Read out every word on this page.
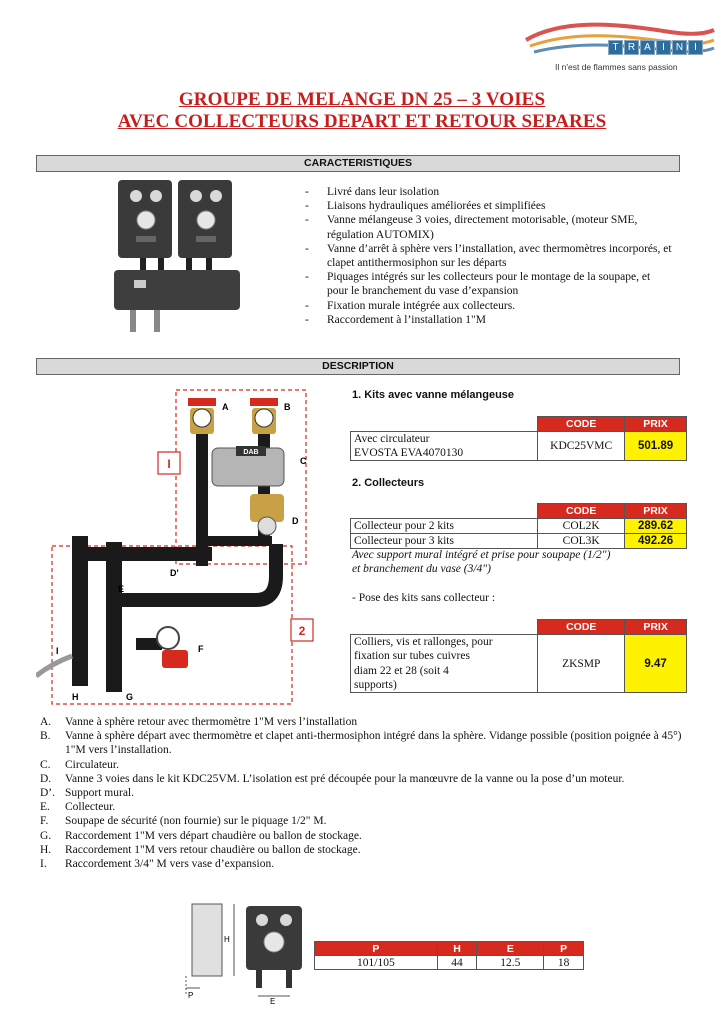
T R A	I	N	I
Il n'est de flammes sans passion
GROUPE DE MELANGE DN 25 – 3 VOIES
AVEC COLLECTEURS DEPART ET RETOUR SEPARES
CARACTERISTIQUES
- Livré dans leur isolation
- Liaisons hydrauliques améliorées et simplifiées
- Vanne mélangeuse 3 voies, directement motorisable, (moteur SME, régulation AUTOMIX)
- Vanne d’arrêt à sphère vers l’installation, avec thermomètres incorporés, et clapet antithermosiphon sur les départs
- Piquages intégrés sur les collecteurs pour le montage de la soupape, et pour le branchement du vase d’expansion
- Fixation murale intégrée aux collecteurs.
- Raccordement à l’installation 1"M
DESCRIPTION
I
2
A	B
DAB
C
D
D'
E
F
I
H	G
1. Kits avec vanne mélangeuse
	CODE	PRIX
Avec circulateur
EVOSTA EVA4070130	KDC25VMC	501.89
2. Collecteurs
	CODE	PRIX
Collecteur pour 2 kits	COL2K	289.62
Collecteur pour 3 kits	COL3K	492.26
Avec support mural intégré et prise pour soupape (1/2")
et branchement du vase (3/4")
- Pose des kits sans collecteur :
	CODE	PRIX
Colliers, vis et rallonges, pour
fixation sur tubes cuivres
diam 22 et 28 (soit 4
supports)	ZKSMP	9.47
A.	Vanne à sphère retour avec thermomètre 1"M vers l’installation
B.	Vanne à sphère départ avec thermomètre et clapet anti-thermosiphon intégré dans la sphère. Vidange possible (position poignée à 45°) 1"M vers l’installation.
C.	Circulateur.
D.	Vanne 3 voies dans le kit KDC25VM. L’isolation est pré découpée pour la manœuvre de la vanne ou la pose d’un moteur.
D’. Support mural.
E.	Collecteur.
F.	Soupape de sécurité (non fournie) sur le piquage 1/2" M.
G.	Raccordement 1"M vers départ chaudière ou ballon de stockage.
H.	Raccordement 1"M vers retour chaudière ou ballon de stockage.
I.	Raccordement 3/4" M vers vase d’expansion.
H
P
E
P	H	E	P
101/105	44	12.5	18
